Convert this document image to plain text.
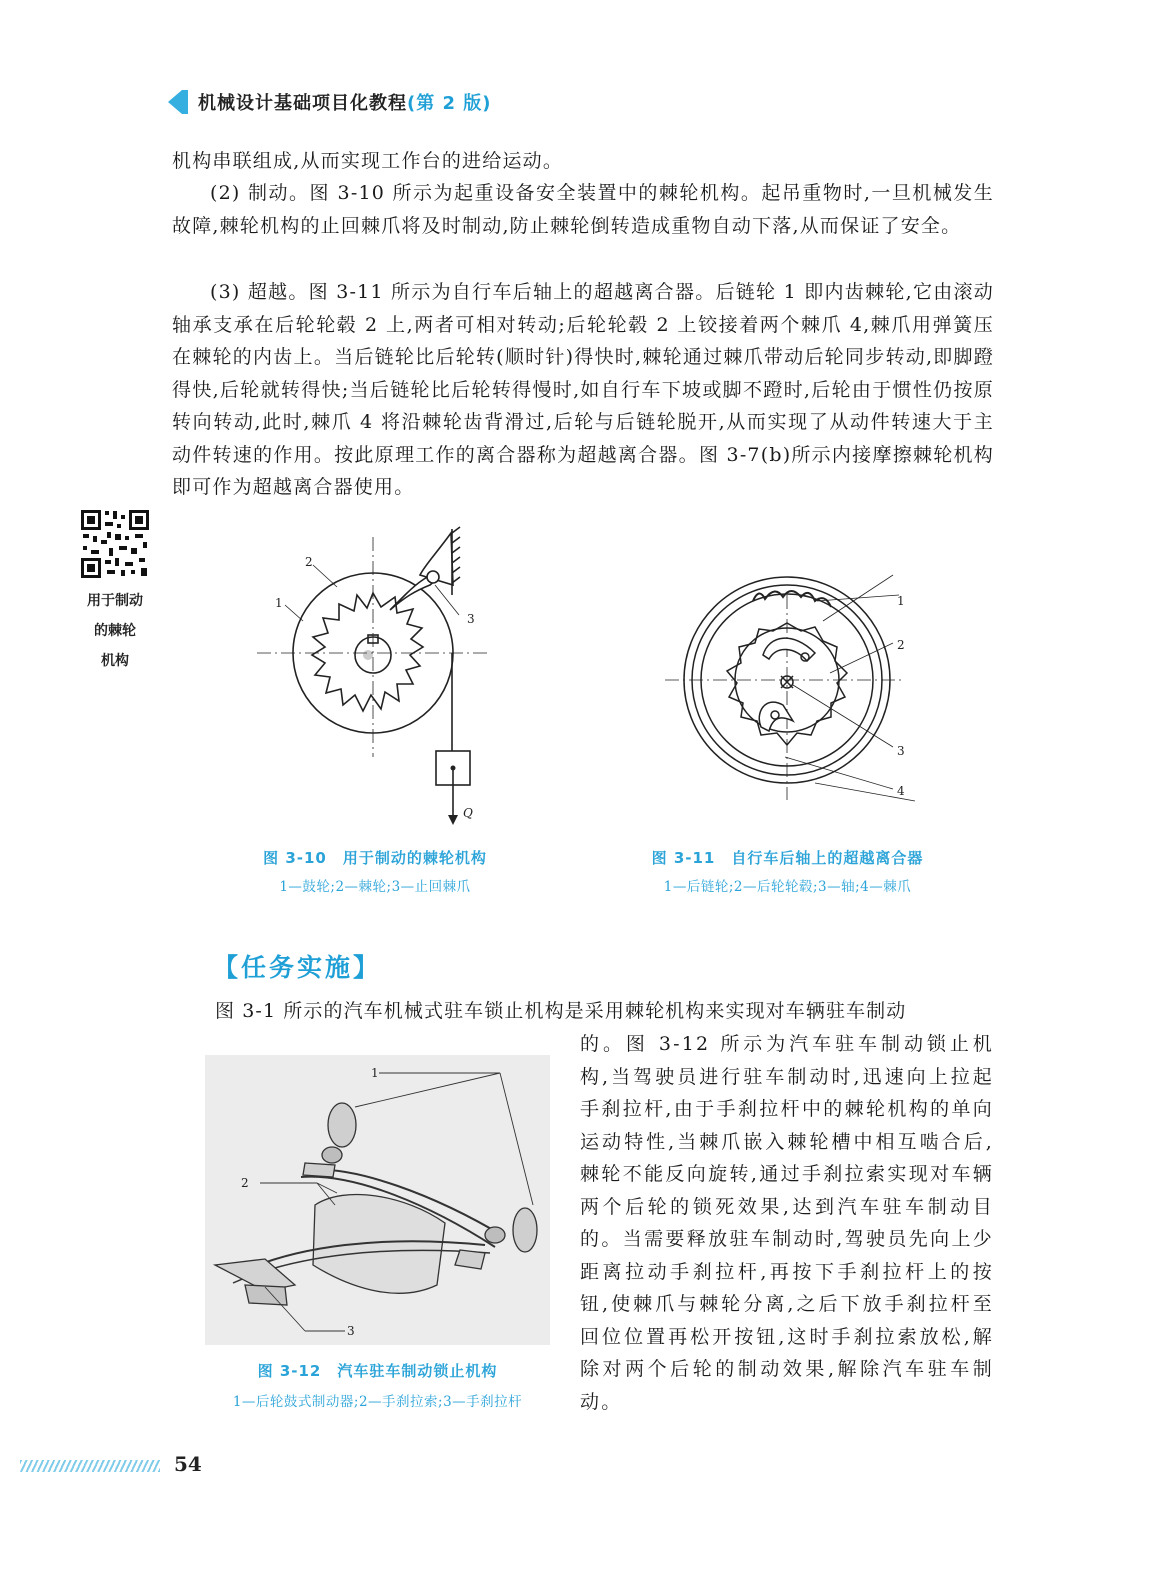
机械设计基础项目化教程(第 2 版)

机构串联组成,从而实现工作台的进给运动。

(2) 制动。图 3-10 所示为起重设备安全装置中的棘轮机构。起吊重物时,一旦机械发生故障,棘轮机构的止回棘爪将及时制动,防止棘轮倒转造成重物自动下落,从而保证了安全。

(3) 超越。图 3-11 所示为自行车后轴上的超越离合器。后链轮 1 即内齿棘轮,它由滚动轴承支承在后轮轮毂 2 上,两者可相对转动;后轮轮毂 2 上铰接着两个棘爪 4,棘爪用弹簧压在棘轮的内齿上。当后链轮比后轮转(顺时针)得快时,棘轮通过棘爪带动后轮同步转动,即脚蹬得快,后轮就转得快;当后链轮比后轮转得慢时,如自行车下坡或脚不蹬时,后轮由于惯性仍按原转向转动,此时,棘爪 4 将沿棘轮齿背滑过,后轮与后链轮脱开,从而实现了从动件转速大于主动件转速的作用。按此原理工作的离合器称为超越离合器。图 3-7(b)所示内接摩擦棘轮机构即可作为超越离合器使用。

用于制动
的棘轮
机构
2
1
3
Q
图 3-10　用于制动的棘轮机构
1—鼓轮;2—棘轮;3—止回棘爪
1
2
3
4
图 3-11　自行车后轴上的超越离合器
1—后链轮;2—后轮轮毂;3—轴;4—棘爪
【任务实施】

图 3-1 所示的汽车机械式驻车锁止机构是采用棘轮机构来实现对车辆驻车制动

的。图 3-12 所示为汽车驻车制动锁止机构,当驾驶员进行驻车制动时,迅速向上拉起手刹拉杆,由于手刹拉杆中的棘轮机构的单向运动特性,当棘爪嵌入棘轮槽中相互啮合后,棘轮不能反向旋转,通过手刹拉索实现对车辆两个后轮的锁死效果,达到汽车驻车制动目的。当需要释放驻车制动时,驾驶员先向上少距离拉动手刹拉杆,再按下手刹拉杆上的按钮,使棘爪与棘轮分离,之后下放手刹拉杆至回位位置再松开按钮,这时手刹拉索放松,解除对两个后轮的制动效果,解除汽车驻车制动。

1
2
3
图 3-12　汽车驻车制动锁止机构
1—后轮鼓式制动器;2—手刹拉索;3—手刹拉杆
54
